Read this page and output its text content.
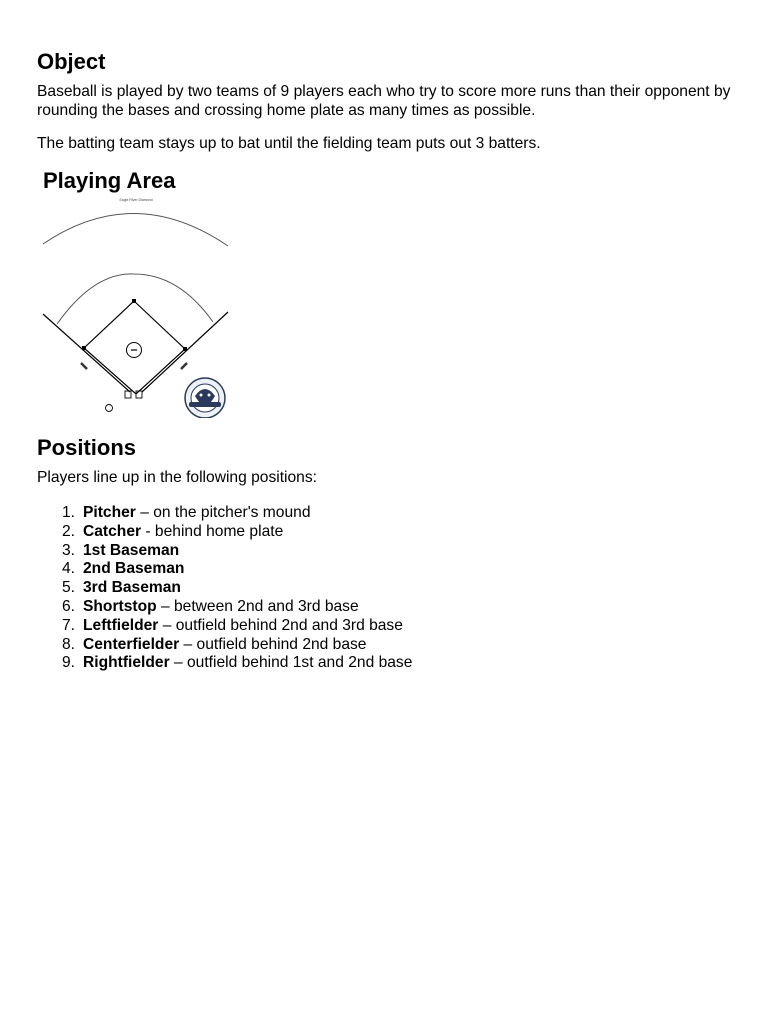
Object

Baseball is played by two teams of 9 players each who try to score more runs than their opponent by rounding the bases and crossing home plate as many times as possible.

The batting team stays up to bat until the fielding team puts out 3 batters.

Playing Area
Eagle River Diamond
Positions

Players line up in the following positions:

1. Pitcher – on the pitcher's mound
2. Catcher - behind home plate
3. 1st Baseman
4. 2nd Baseman
5. 3rd Baseman
6. Shortstop – between 2nd and 3rd base
7. Leftfielder – outfield behind 2nd and 3rd base
8. Centerfielder – outfield behind 2nd base
9. Rightfielder – outfield behind 1st and 2nd base
